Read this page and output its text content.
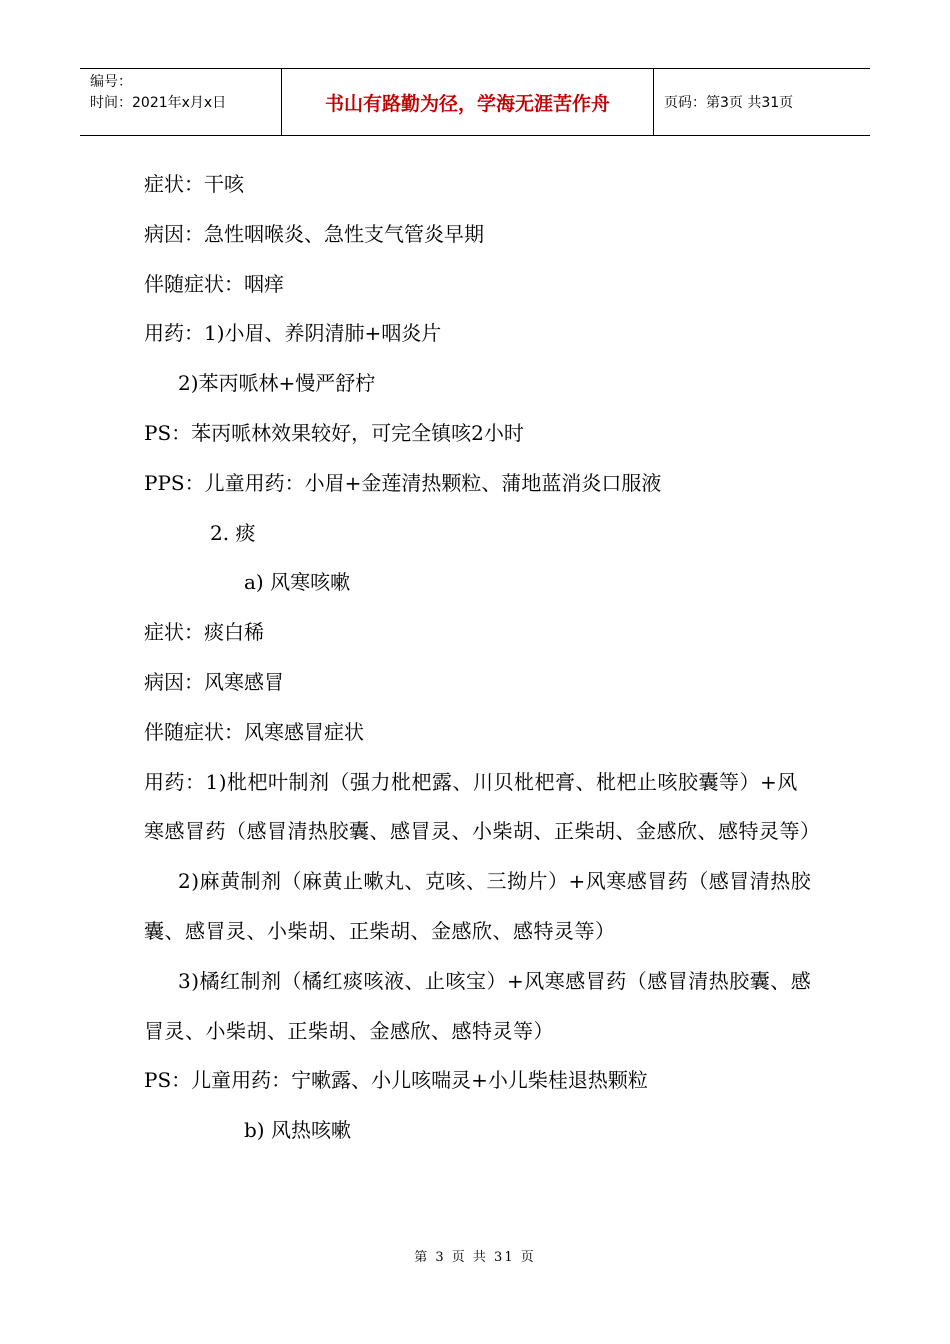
编号：
时间：2021年x月x日	书山有路勤为径，学海无涯苦作舟	页码：第3页 共31页
症状：干咳
病因：急性咽喉炎、急性支气管炎早期
伴随症状：咽痒
用药：1)小眉、养阴清肺+咽炎片
2)苯丙哌林+慢严舒柠
PS：苯丙哌林效果较好，可完全镇咳2小时
PPS：儿童用药：小眉+金莲清热颗粒、蒲地蓝消炎口服液
2. 痰
a) 风寒咳嗽
症状：痰白稀
病因：风寒感冒
伴随症状：风寒感冒症状
用药：1)枇杷叶制剂（强力枇杷露、川贝枇杷膏、枇杷止咳胶囊等）+风寒感冒药（感冒清热胶囊、感冒灵、小柴胡、正柴胡、金感欣、感特灵等）
2)麻黄制剂（麻黄止嗽丸、克咳、三拗片）+风寒感冒药（感冒清热胶囊、感冒灵、小柴胡、正柴胡、金感欣、感特灵等）
3)橘红制剂（橘红痰咳液、止咳宝）+风寒感冒药（感冒清热胶囊、感冒灵、小柴胡、正柴胡、金感欣、感特灵等）
PS：儿童用药：宁嗽露、小儿咳喘灵+小儿柴桂退热颗粒
b) 风热咳嗽
第 3 页 共 31 页
